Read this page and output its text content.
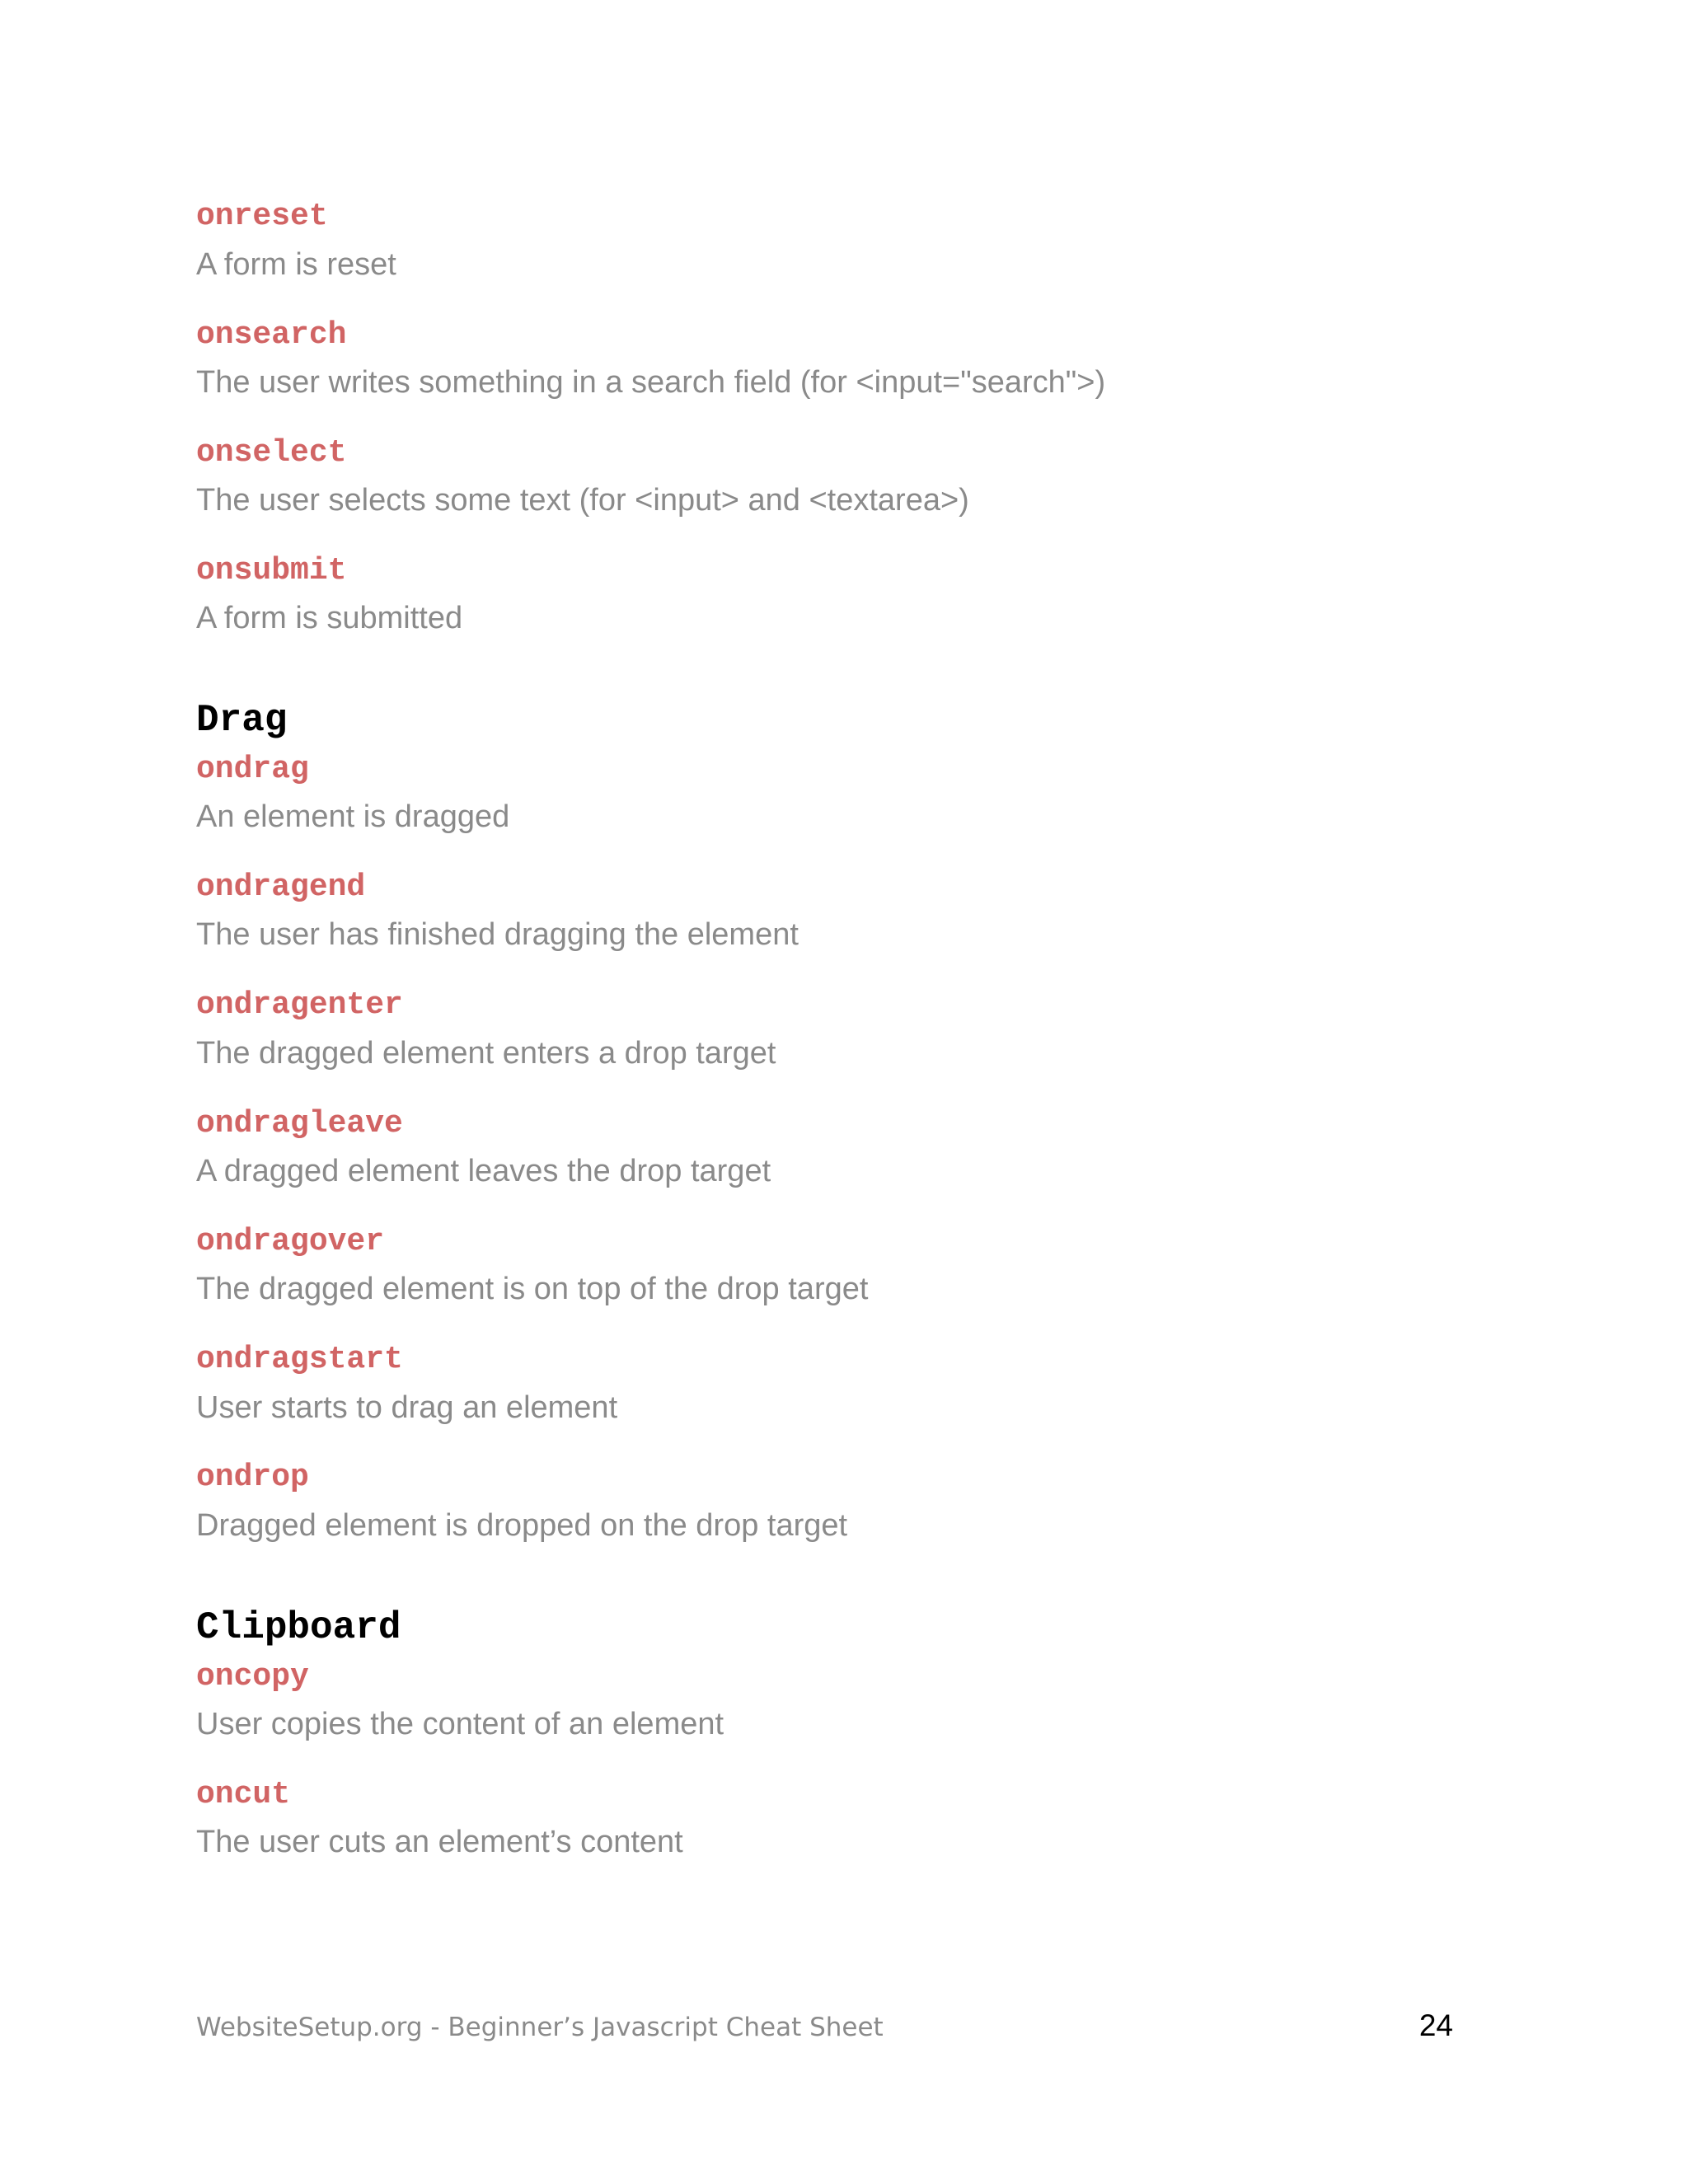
onreset
A form is reset
onsearch
The user writes something in a search field (for <input="search">)
onselect
The user selects some text (for <input> and <textarea>)
onsubmit
A form is submitted
Drag
ondrag
An element is dragged
ondragend
The user has finished dragging the element
ondragenter
The dragged element enters a drop target
ondragleave
A dragged element leaves the drop target
ondragover
The dragged element is on top of the drop target
ondragstart
User starts to drag an element
ondrop
Dragged element is dropped on the drop target
Clipboard
oncopy
User copies the content of an element
oncut
The user cuts an element’s content
WebsiteSetup.org - Beginner’s Javascript Cheat Sheet	24
